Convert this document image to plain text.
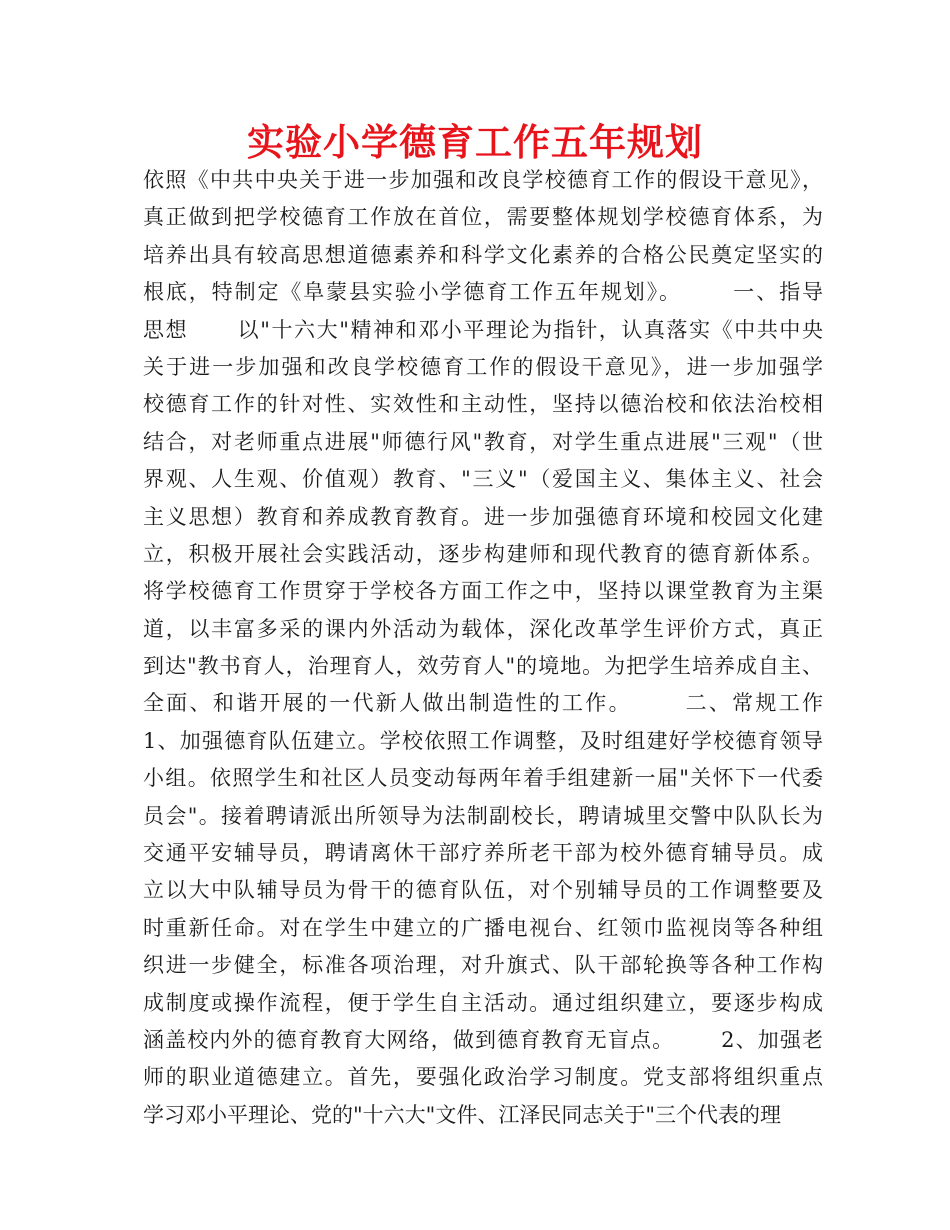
实验小学德育工作五年规划
依照《中共中央关于进一步加强和改良学校德育工作的假设干意见》，
真正做到把学校德育工作放在首位，需要整体规划学校德育体系，为
培养出具有较高思想道德素养和科学文化素养的合格公民奠定坚实的
根底，特制定《阜蒙县实验小学德育工作五年规划》。      一、指导
思想      以"十六大"精神和邓小平理论为指针，认真落实《中共中央
关于进一步加强和改良学校德育工作的假设干意见》，进一步加强学
校德育工作的针对性、实效性和主动性，坚持以德治校和依法治校相
结合，对老师重点进展"师德行风"教育，对学生重点进展"三观"（世
界观、人生观、价值观）教育、"三义"（爱国主义、集体主义、社会
主义思想）教育和养成教育教育。进一步加强德育环境和校园文化建
立，积极开展社会实践活动，逐步构建师和现代教育的德育新体系。
将学校德育工作贯穿于学校各方面工作之中，坚持以课堂教育为主渠
道，以丰富多采的课内外活动为载体，深化改革学生评价方式，真正
到达"教书育人，治理育人，效劳育人"的境地。为把学生培养成自主、
全面、和谐开展的一代新人做出制造性的工作。      二、常规工作
1、加强德育队伍建立。学校依照工作调整，及时组建好学校德育领导
小组。依照学生和社区人员变动每两年着手组建新一届"关怀下一代委
员会"。接着聘请派出所领导为法制副校长，聘请城里交警中队队长为
交通平安辅导员，聘请离休干部疗养所老干部为校外德育辅导员。成
立以大中队辅导员为骨干的德育队伍，对个别辅导员的工作调整要及
时重新任命。对在学生中建立的广播电视台、红领巾监视岗等各种组
织进一步健全，标准各项治理，对升旗式、队干部轮换等各种工作构
成制度或操作流程，便于学生自主活动。通过组织建立，要逐步构成
涵盖校内外的德育教育大网络，做到德育教育无盲点。      2、加强老
师的职业道德建立。首先，要强化政治学习制度。党支部将组织重点
学习邓小平理论、党的"十六大"文件、江泽民同志关于"三个代表的理
